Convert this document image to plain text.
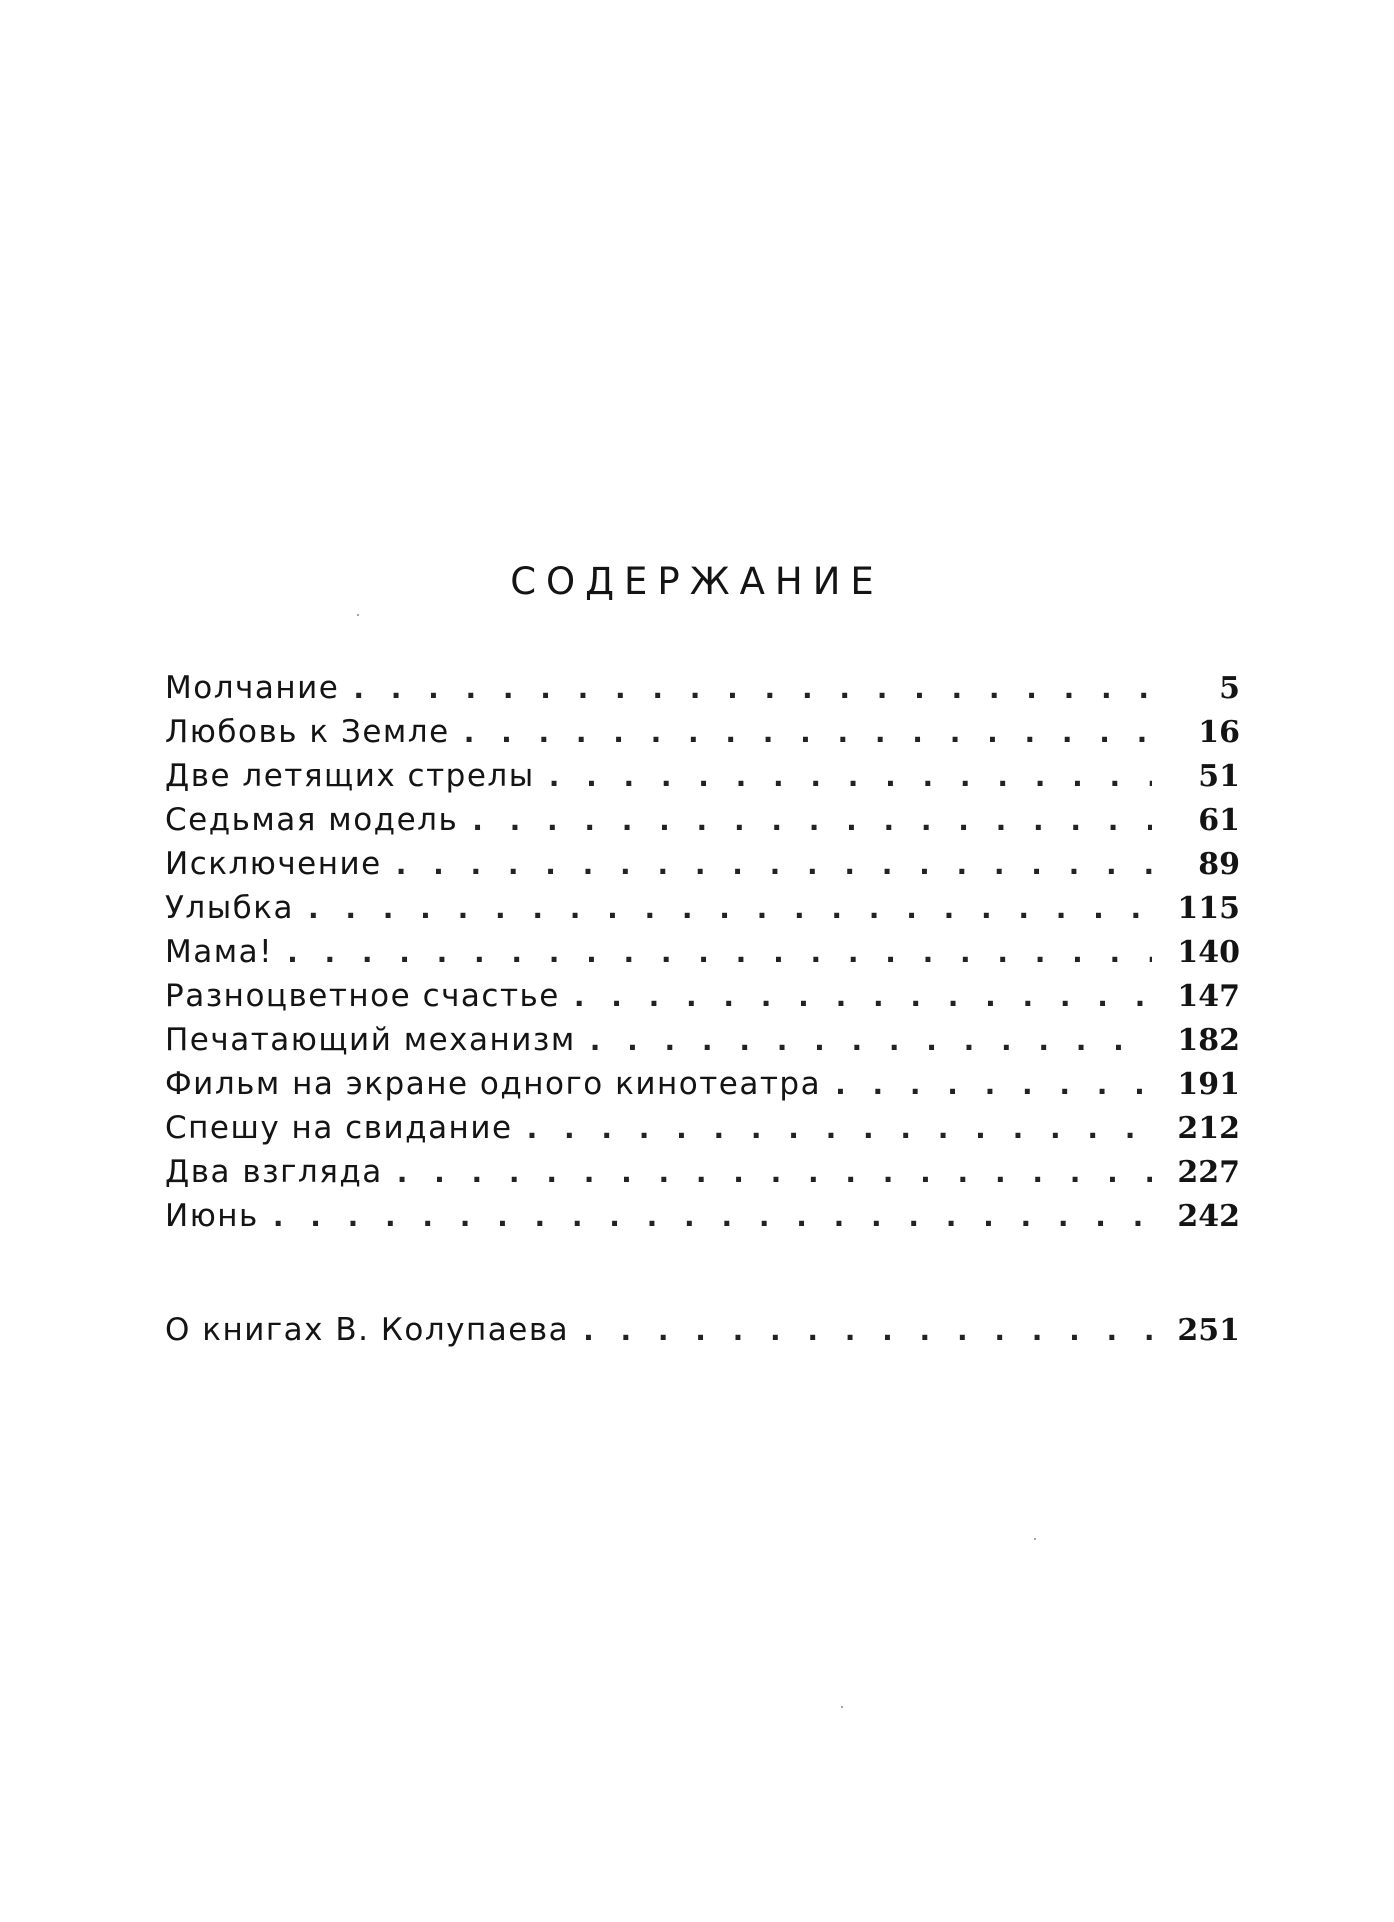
СОДЕРЖАНИЕ
Молчание . . .	5
Любовь к Земле . . .	16
Две летящих стрелы . . .	51
Седьмая модель . . .	61
Исключение . . .	89
Улыбка . . .	115
Мама! . . .	140
Разноцветное счастье . . .	147
Печатающий механизм . . .	182
Фильм на экране одного кинотеатра . . .	191
Спешу на свидание . . .	212
Два взгляда . . .	227
Июнь . . .	242
О книгах В. Колупаева . . .	251
